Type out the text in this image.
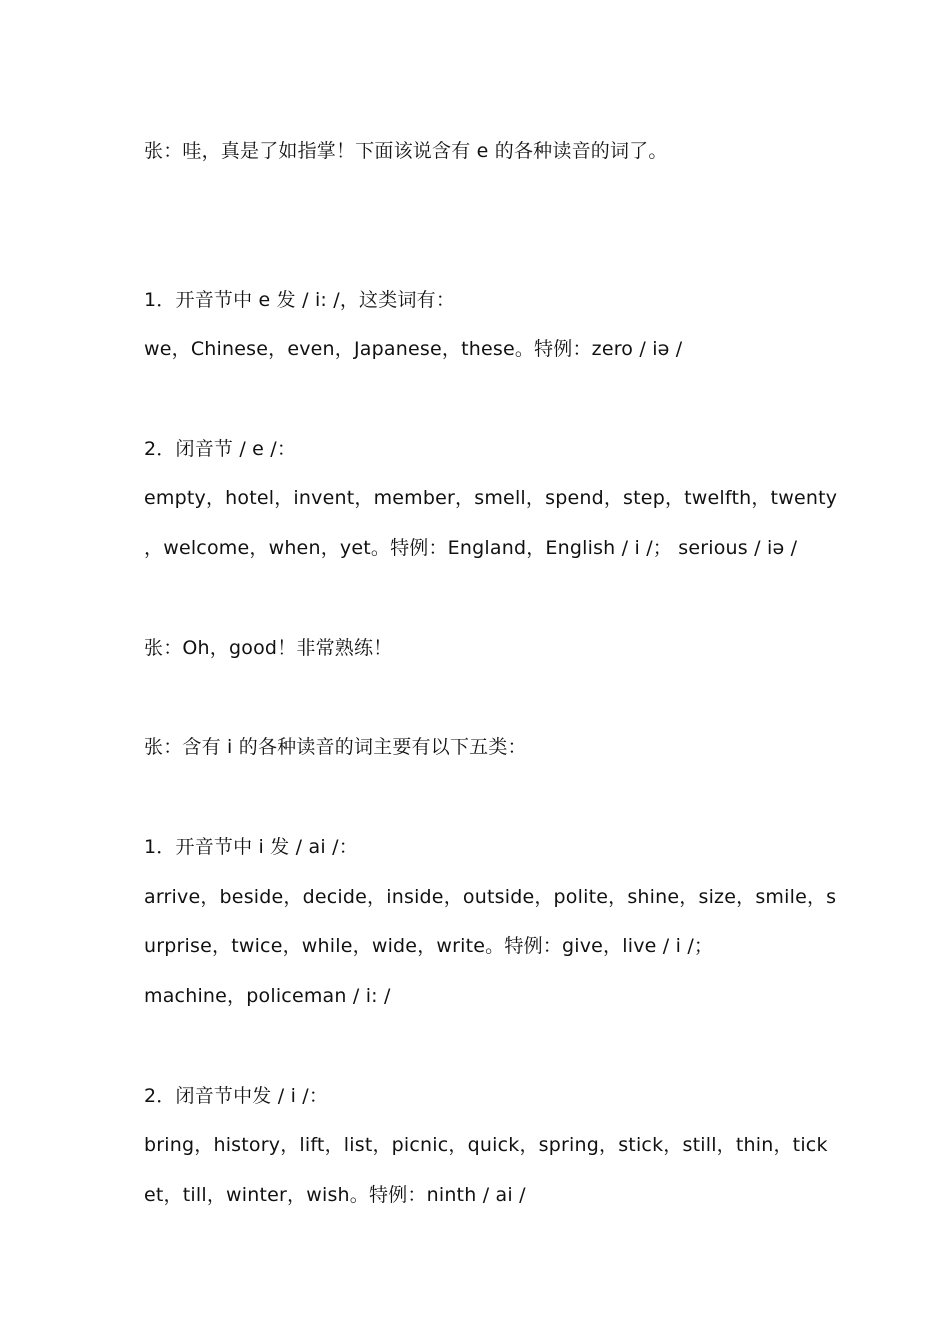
张：哇，真是了如指掌！下面该说含有 e 的各种读音的词了。
1．开音节中 e 发 / i: /，这类词有：
we，Chinese，even，Japanese，these。特例：zero / iə /
2．闭音节 / e /：
empty，hotel，invent，member，smell，spend，step，twelfth，twenty
，welcome，when，yet。特例：England，English / i /； serious / iə /
张：Oh，good！非常熟练！
张：含有 i 的各种读音的词主要有以下五类：
1．开音节中 i 发 / ai /：
arrive，beside，decide，inside，outside，polite，shine，size，smile，s
urprise，twice，while，wide，write。特例：give，live / i /；
machine，policeman / i: /
2．闭音节中发 / i /：
bring，history，lift，list，picnic，quick，spring，stick，still，thin，tick
et，till，winter，wish。特例：ninth / ai /
